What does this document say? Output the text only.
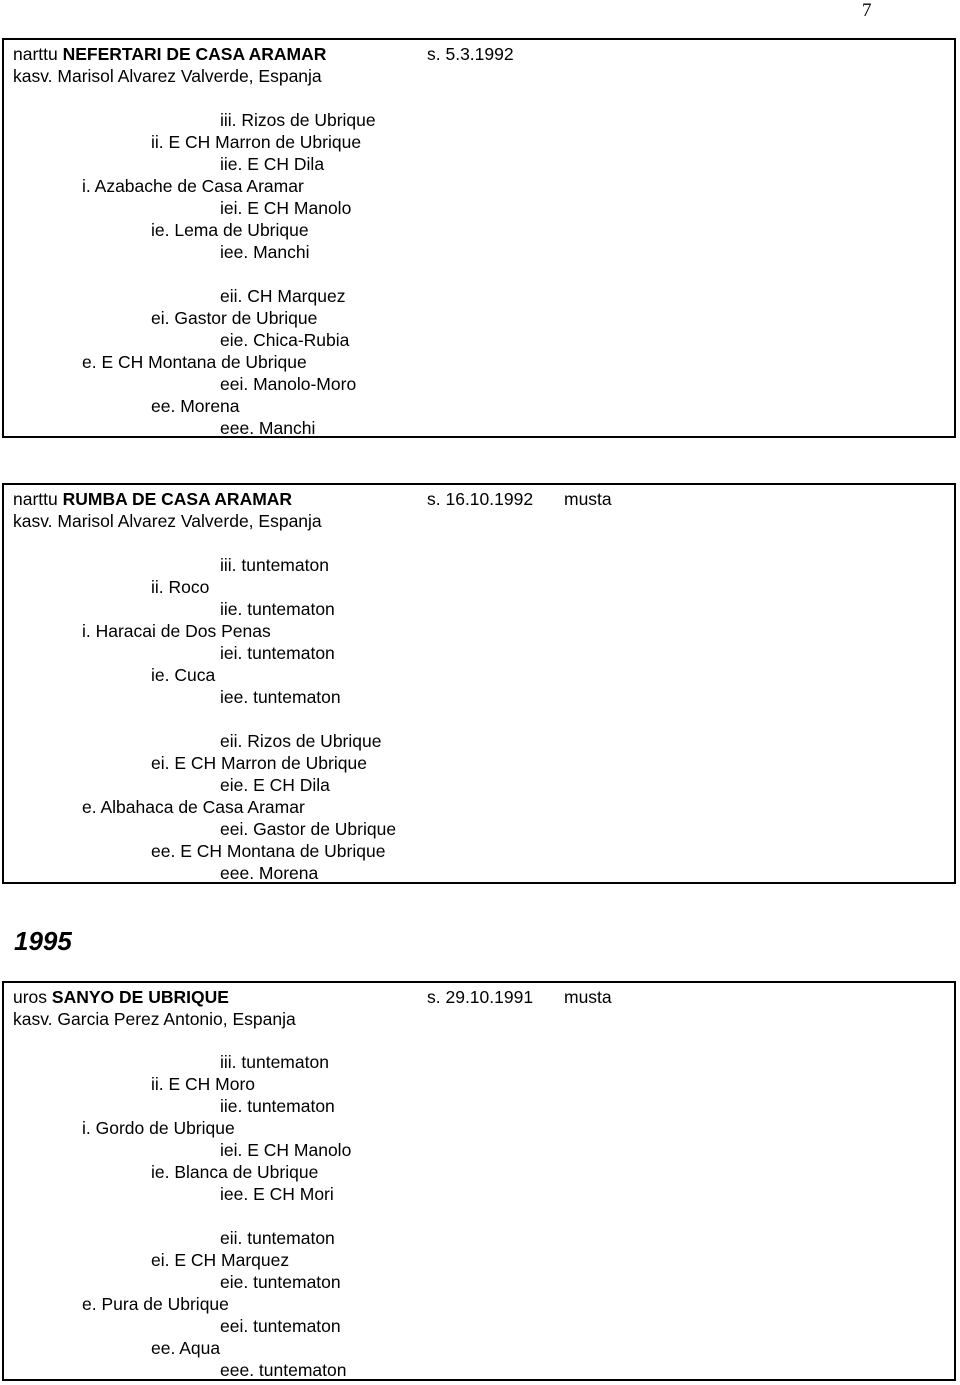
7
narttu NEFERTARI DE CASA ARAMAR	s. 5.3.1992
kasv. Marisol Alvarez Valverde, Espanja
iii. Rizos de Ubrique
ii. E CH Marron de Ubrique
iie. E CH Dila
i. Azabache de Casa Aramar
iei. E CH Manolo
ie. Lema de Ubrique
iee. Manchi
eii. CH Marquez
ei. Gastor de Ubrique
eie. Chica-Rubia
e. E CH Montana de Ubrique
eei. Manolo-Moro
ee. Morena
eee. Manchi
narttu RUMBA DE CASA ARAMAR	s. 16.10.1992 musta
kasv. Marisol Alvarez Valverde, Espanja
iii. tuntematon
ii. Roco
iie. tuntematon
i. Haracai de Dos Penas
iei. tuntematon
ie. Cuca
iee. tuntematon
eii. Rizos de Ubrique
ei. E CH Marron de Ubrique
eie. E CH Dila
e. Albahaca de Casa Aramar
eei. Gastor de Ubrique
ee. E CH Montana de Ubrique
eee. Morena
1995
uros SANYO DE UBRIQUE	s. 29.10.1991 musta
kasv. Garcia Perez Antonio, Espanja
iii. tuntematon
ii. E CH Moro
iie. tuntematon
i. Gordo de Ubrique
iei. E CH Manolo
ie. Blanca de Ubrique
iee. E CH Mori
eii. tuntematon
ei. E CH Marquez
eie. tuntematon
e. Pura de Ubrique
eei. tuntematon
ee. Aqua
eee. tuntematon
